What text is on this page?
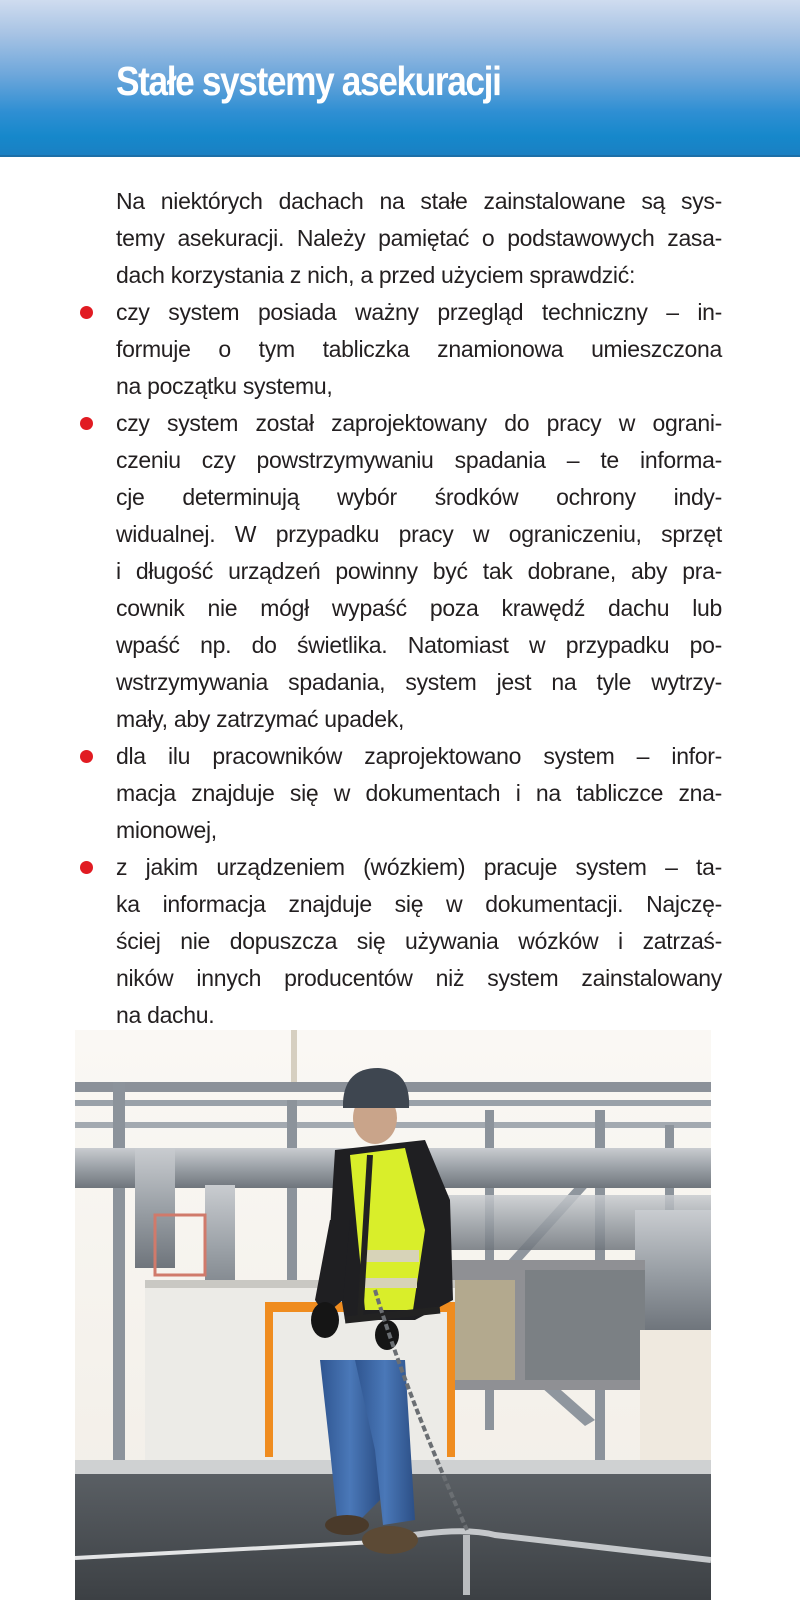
Stałe systemy asekuracji
Na niektórych dachach na stałe zainstalowane są sys-
temy asekuracji. Należy pamiętać o podstawowych zasa-
dach korzystania z nich, a przed użyciem sprawdzić:
czy system posiada ważny przegląd techniczny – in-
formuje o tym tabliczka znamionowa umieszczona
na początku systemu,
czy system został zaprojektowany do pracy w ograni-
czeniu czy powstrzymywaniu spadania – te informa-
cje determinują wybór środków ochrony indy-
widualnej. W przypadku pracy w ograniczeniu, sprzęt
i długość urządzeń powinny być tak dobrane, aby pra-
cownik nie mógł wypaść poza krawędź dachu lub
wpaść np. do świetlika. Natomiast w przypadku po-
wstrzymywania spadania, system jest na tyle wytrzy-
mały, aby zatrzymać upadek,
dla ilu pracowników zaprojektowano system – infor-
macja znajduje się w dokumentach i na tabliczce zna-
mionowej,
z jakim urządzeniem (wózkiem) pracuje system – ta-
ka informacja znajduje się w dokumentacji. Najczę-
ściej nie dopuszcza się używania wózków i zatrzaś-
ników innych producentów niż system zainstalowany
na dachu.
